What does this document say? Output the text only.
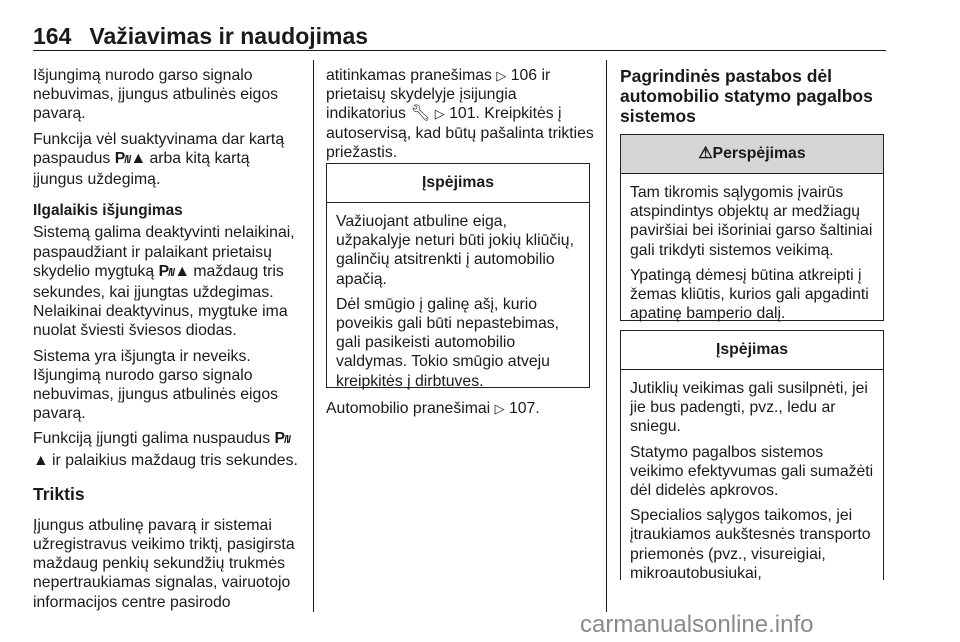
164 Važiavimas ir naudojimas

Išjungimą nurodo garso signalo nebuvimas, įjungus atbulinės eigos pavarą.

Funkcija vėl suaktyvinama dar kartą paspaudus P/ǀ/▲ arba kitą kartą įjungus uždegimą.

Ilgalaikis išjungimas

Sistemą galima deaktyvinti nelaikinai, paspaudžiant ir palaikant prietaisų skydelio mygtuką P/ǀ/▲ maždaug tris sekundes, kai įjungtas uždegimas. Nelaikinai deaktyvinus, mygtuke ima nuolat šviesti šviesos diodas.

Sistema yra išjungta ir neveiks. Išjungimą nurodo garso signalo nebuvimas, įjungus atbulinės eigos pavarą.

Funkciją įjungti galima nuspaudus P/ǀ/▲ ir palaikius maždaug tris sekundes.

Triktis

Įjungus atbulinę pavarą ir sistemai užregistravus veikimo triktį, pasigirsta maždaug penkių sekundžių trukmės nepertraukiamas signalas, vairuotojo informacijos centre pasirodo

atitinkamas pranešimas ▷ 106 ir prietaisų skydelyje įsijungia indikatorius 🔧︎ ▷ 101. Kreipkitės į autoservisą, kad būtų pašalinta trikties priežastis.

Įspėjimas

Važiuojant atbuline eiga, užpakalyje neturi būti jokių kliūčių, galinčių atsitrenkti į automobilio apačią.

Dėl smūgio į galinę ašį, kurio poveikis gali būti nepastebimas, gali pasikeisti automobilio valdymas. Tokio smūgio atveju kreipkitės į dirbtuves.

Automobilio pranešimai ▷ 107.

Pagrindinės pastabos dėl automobilio statymo pagalbos sistemos

⚠︎Perspėjimas

Tam tikromis sąlygomis įvairūs atspindintys objektų ar medžiagų paviršiai bei išoriniai garso šaltiniai gali trikdyti sistemos veikimą.

Ypatingą dėmesį būtina atkreipti į žemas kliūtis, kurios gali apgadinti apatinę bamperio dalį.

Įspėjimas

Jutiklių veikimas gali susilpnėti, jei jie bus padengti, pvz., ledu ar sniegu.

Statymo pagalbos sistemos veikimo efektyvumas gali sumažėti dėl didelės apkrovos.

Specialios sąlygos taikomos, jei įtraukiamos aukštesnės transporto priemonės (pvz., visureigiai, mikroautobusiukai,

carmanualsonline.info
